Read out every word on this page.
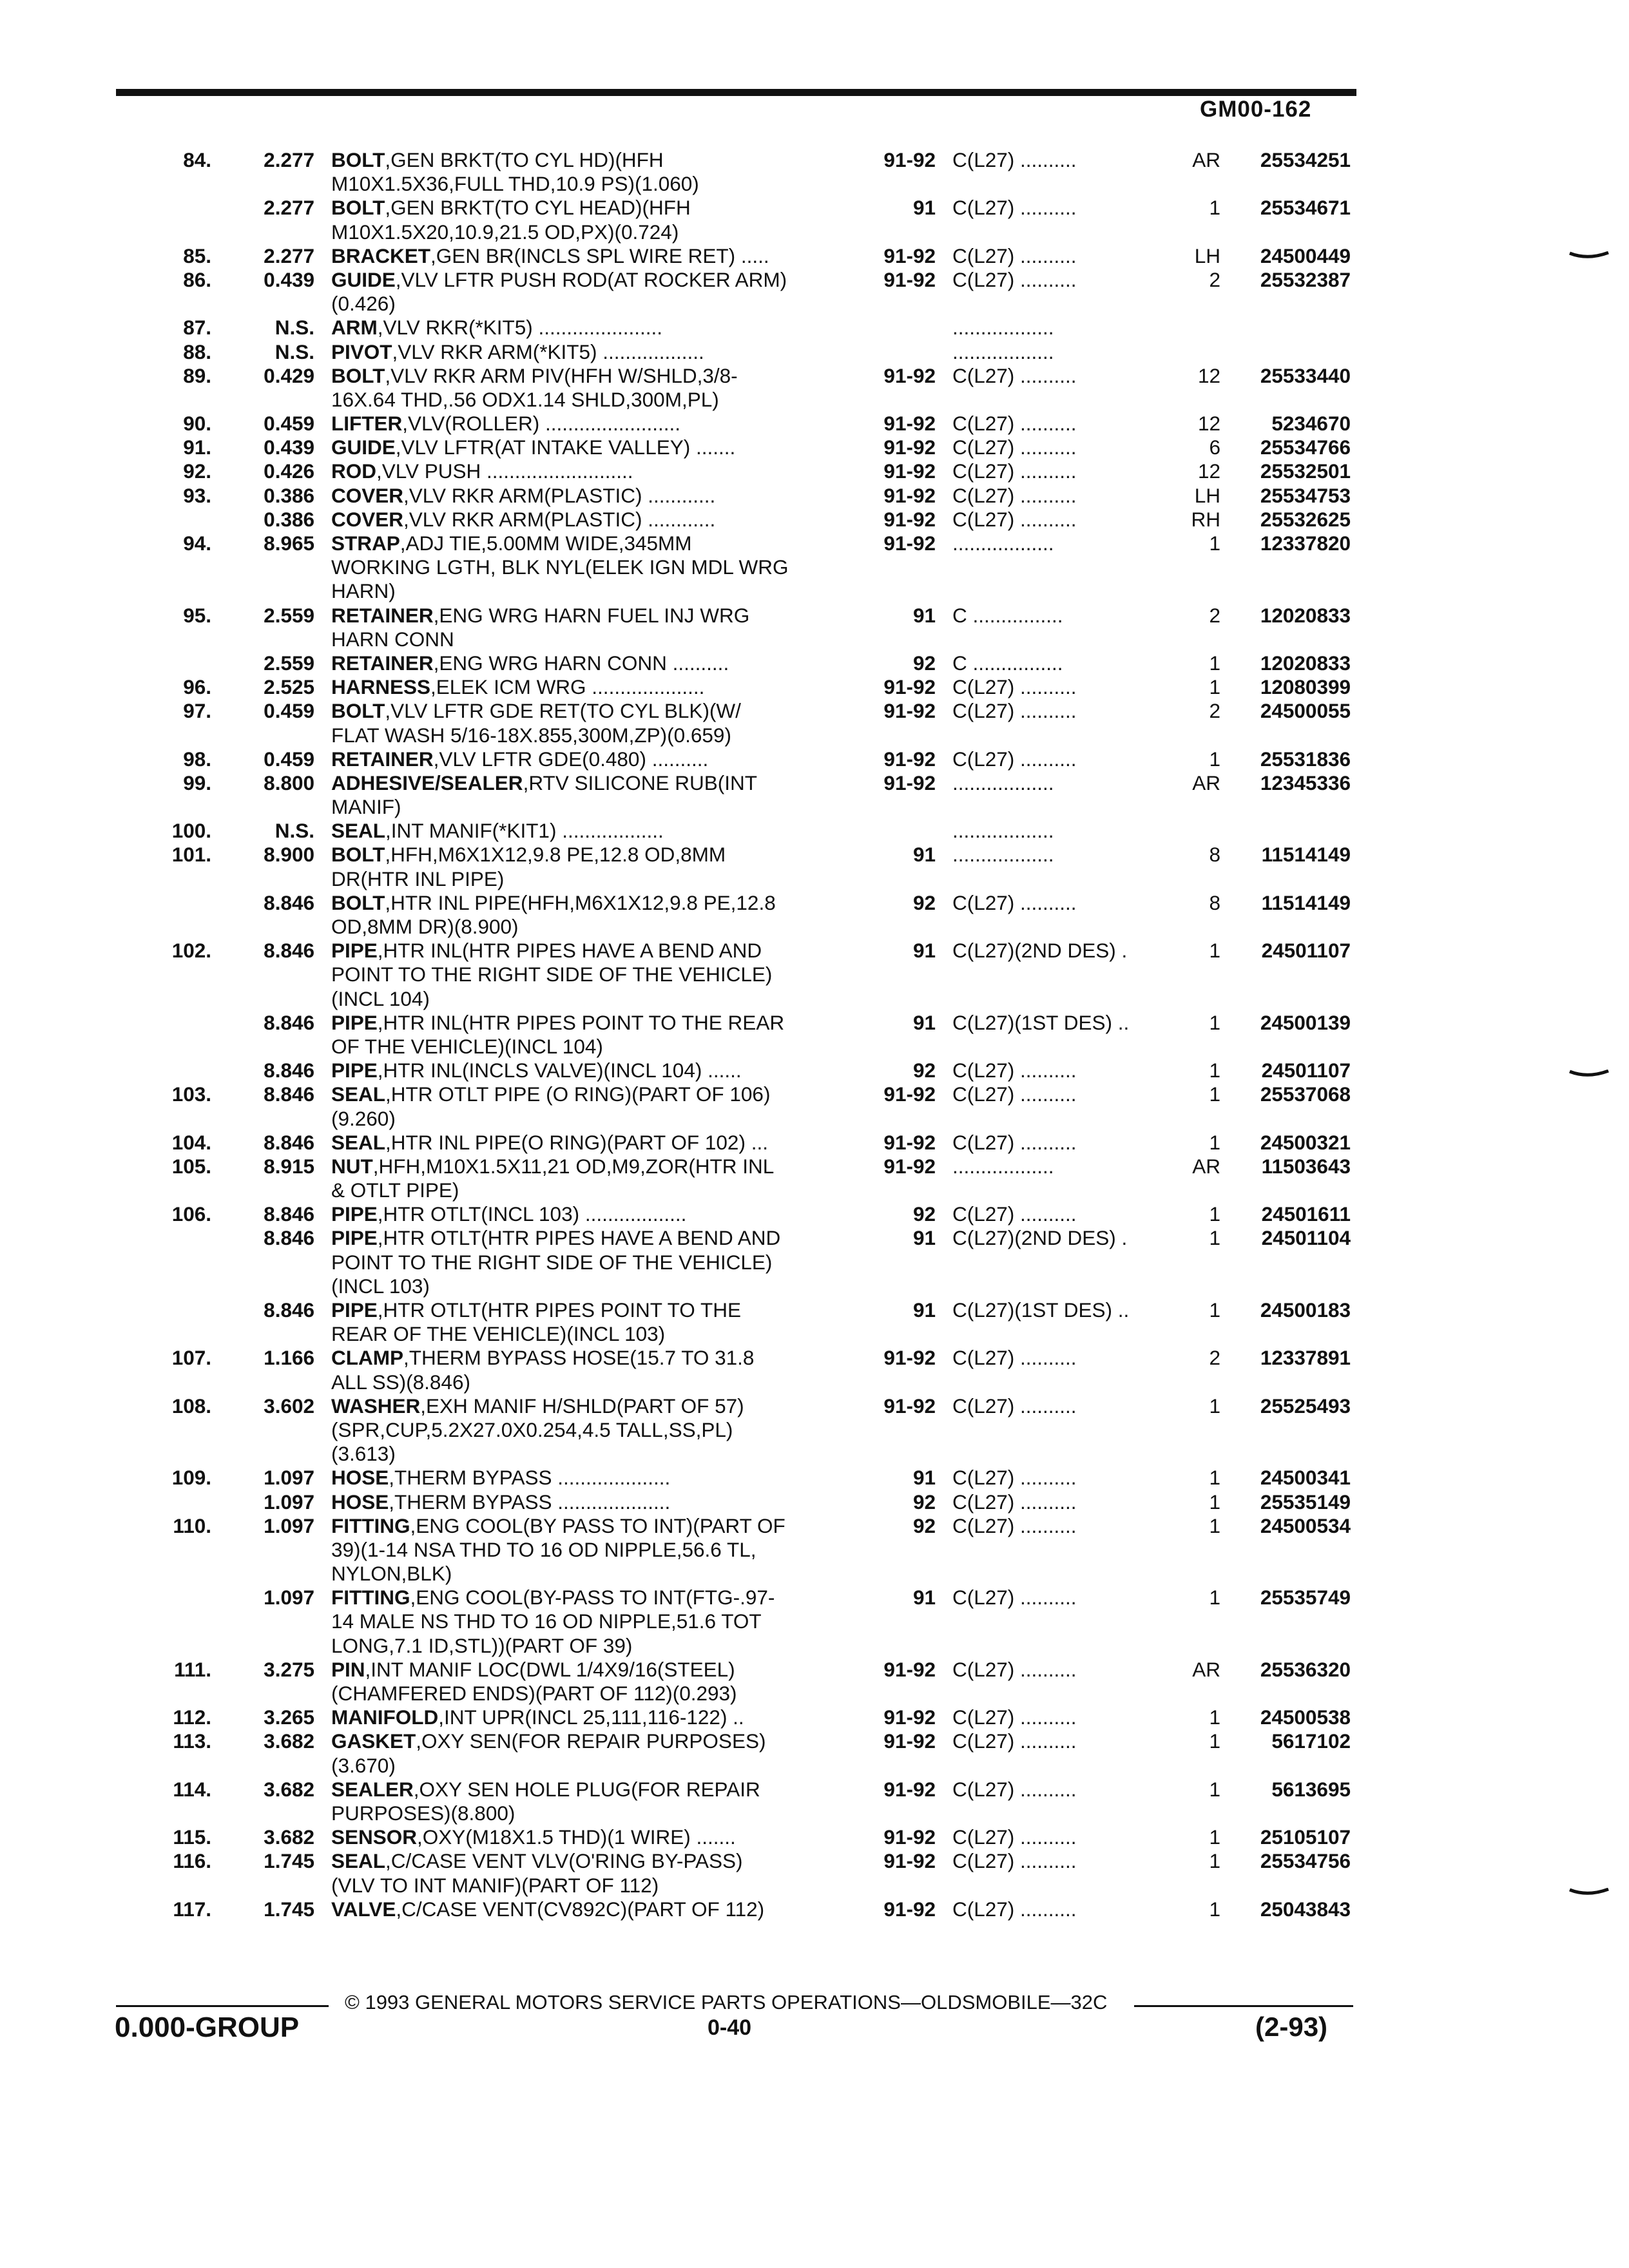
GM00-162
84.	2.277 BOLT,GEN BRKT(TO CYL HD)(HFH	91-92 C(L27) ..........	AR	25534251
M10X1.5X36,FULL THD,10.9 PS)(1.060)
2.277 BOLT,GEN BRKT(TO CYL HEAD)(HFH	91 C(L27) ..........	1	25534671
M10X1.5X20,10.9,21.5 OD,PX)(0.724)
85.	2.277 BRACKET,GEN BR(INCLS SPL WIRE RET) .....	91-92 C(L27) ..........	LH	24500449
86.	0.439 GUIDE,VLV LFTR PUSH ROD(AT ROCKER ARM)	91-92 C(L27) ..........	2	25532387
(0.426)
87.	N.S. ARM,VLV RKR(*KIT5) ......................	..................
88.	N.S. PIVOT,VLV RKR ARM(*KIT5) ..................	..................
89.	0.429 BOLT,VLV RKR ARM PIV(HFH W/SHLD,3/8-	91-92 C(L27) ..........	12	25533440
16X.64 THD,.56 ODX1.14 SHLD,300M,PL)
90.	0.459 LIFTER,VLV(ROLLER) ........................	91-92 C(L27) ..........	12	5234670
91.	0.439 GUIDE,VLV LFTR(AT INTAKE VALLEY) .......	91-92 C(L27) ..........	6	25534766
92.	0.426 ROD,VLV PUSH ..........................	91-92 C(L27) ..........	12	25532501
93.	0.386 COVER,VLV RKR ARM(PLASTIC) ............	91-92 C(L27) ..........	LH	25534753
0.386 COVER,VLV RKR ARM(PLASTIC) ............	91-92 C(L27) ..........	RH	25532625
94.	8.965 STRAP,ADJ TIE,5.00MM WIDE,345MM	91-92 ..................	1	12337820
WORKING LGTH, BLK NYL(ELEK IGN MDL WRG
HARN)
95.	2.559 RETAINER,ENG WRG HARN FUEL INJ WRG	91 C ................	2	12020833
HARN CONN
2.559 RETAINER,ENG WRG HARN CONN ..........	92 C ................	1	12020833
96.	2.525 HARNESS,ELEK ICM WRG ....................	91-92 C(L27) ..........	1	12080399
97.	0.459 BOLT,VLV LFTR GDE RET(TO CYL BLK)(W/	91-92 C(L27) ..........	2	24500055
FLAT WASH 5/16-18X.855,300M,ZP)(0.659)
98.	0.459 RETAINER,VLV LFTR GDE(0.480) ..........	91-92 C(L27) ..........	1	25531836
99.	8.800 ADHESIVE/SEALER,RTV SILICONE RUB(INT	91-92 ..................	AR	12345336
MANIF)
100.	N.S. SEAL,INT MANIF(*KIT1) ..................	..................
101.	8.900 BOLT,HFH,M6X1X12,9.8 PE,12.8 OD,8MM	91 ..................	8	11514149
DR(HTR INL PIPE)
8.846 BOLT,HTR INL PIPE(HFH,M6X1X12,9.8 PE,12.8	92 C(L27) ..........	8	11514149
OD,8MM DR)(8.900)
102.	8.846 PIPE,HTR INL(HTR PIPES HAVE A BEND AND	91 C(L27)(2ND DES) .	1	24501107
POINT TO THE RIGHT SIDE OF THE VEHICLE)
(INCL 104)
8.846 PIPE,HTR INL(HTR PIPES POINT TO THE REAR	91 C(L27)(1ST DES) ..	1	24500139
OF THE VEHICLE)(INCL 104)
8.846 PIPE,HTR INL(INCLS VALVE)(INCL 104) ......	92 C(L27) ..........	1	24501107
103.	8.846 SEAL,HTR OTLT PIPE (O RING)(PART OF 106)	91-92 C(L27) ..........	1	25537068
(9.260)
104.	8.846 SEAL,HTR INL PIPE(O RING)(PART OF 102) ...	91-92 C(L27) ..........	1	24500321
105.	8.915 NUT,HFH,M10X1.5X11,21 OD,M9,ZOR(HTR INL	91-92 ..................	AR	11503643
& OTLT PIPE)
106.	8.846 PIPE,HTR OTLT(INCL 103) ..................	92 C(L27) ..........	1	24501611
8.846 PIPE,HTR OTLT(HTR PIPES HAVE A BEND AND	91 C(L27)(2ND DES) .	1	24501104
POINT TO THE RIGHT SIDE OF THE VEHICLE)
(INCL 103)
8.846 PIPE,HTR OTLT(HTR PIPES POINT TO THE	91 C(L27)(1ST DES) ..	1	24500183
REAR OF THE VEHICLE)(INCL 103)
107.	1.166 CLAMP,THERM BYPASS HOSE(15.7 TO 31.8	91-92 C(L27) ..........	2	12337891
ALL SS)(8.846)
108.	3.602 WASHER,EXH MANIF H/SHLD(PART OF 57)	91-92 C(L27) ..........	1	25525493
(SPR,CUP,5.2X27.0X0.254,4.5 TALL,SS,PL)
(3.613)
109.	1.097 HOSE,THERM BYPASS ....................	91 C(L27) ..........	1	24500341
1.097 HOSE,THERM BYPASS ....................	92 C(L27) ..........	1	25535149
110.	1.097 FITTING,ENG COOL(BY PASS TO INT)(PART OF	92 C(L27) ..........	1	24500534
39)(1-14 NSA THD TO 16 OD NIPPLE,56.6 TL,
NYLON,BLK)
1.097 FITTING,ENG COOL(BY-PASS TO INT(FTG-.97-	91 C(L27) ..........	1	25535749
14 MALE NS THD TO 16 OD NIPPLE,51.6 TOT
LONG,7.1 ID,STL))(PART OF 39)
111.	3.275 PIN,INT MANIF LOC(DWL 1/4X9/16(STEEL)	91-92 C(L27) ..........	AR	25536320
(CHAMFERED ENDS)(PART OF 112)(0.293)
112.	3.265 MANIFOLD,INT UPR(INCL 25,111,116-122) ..	91-92 C(L27) ..........	1	24500538
113.	3.682 GASKET,OXY SEN(FOR REPAIR PURPOSES)	91-92 C(L27) ..........	1	5617102
(3.670)
114.	3.682 SEALER,OXY SEN HOLE PLUG(FOR REPAIR	91-92 C(L27) ..........	1	5613695
PURPOSES)(8.800)
115.	3.682 SENSOR,OXY(M18X1.5 THD)(1 WIRE) .......	91-92 C(L27) ..........	1	25105107
116.	1.745 SEAL,C/CASE VENT VLV(O'RING BY-PASS)	91-92 C(L27) ..........	1	25534756
(VLV TO INT MANIF)(PART OF 112)
117.	1.745 VALVE,C/CASE VENT(CV892C)(PART OF 112)	91-92 C(L27) ..........	1	25043843
© 1993 GENERAL MOTORS SERVICE PARTS OPERATIONS—OLDSMOBILE—32C
0.000-GROUP	0-40	(2-93)
